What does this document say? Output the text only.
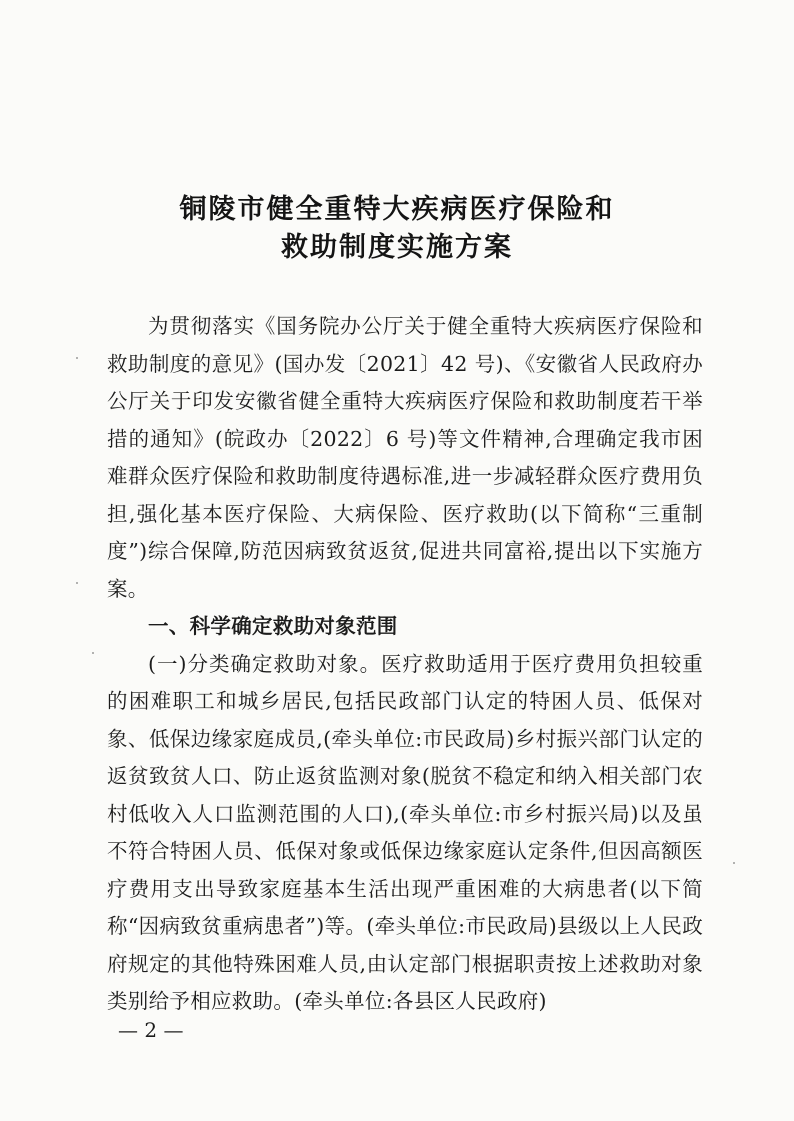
铜陵市健全重特大疾病医疗保险和
救助制度实施方案

为贯彻落实《国务院办公厅关于健全重特大疾病医疗保险和救助制度的意见》(国办发〔2021〕42 号)、《安徽省人民政府办公厅关于印发安徽省健全重特大疾病医疗保险和救助制度若干举措的通知》(皖政办〔2022〕6 号)等文件精神,合理确定我市困难群众医疗保险和救助制度待遇标准,进一步减轻群众医疗费用负担,强化基本医疗保险、大病保险、医疗救助(以下简称“三重制度”)综合保障,防范因病致贫返贫,促进共同富裕,提出以下实施方案。

一、科学确定救助对象范围

(一)分类确定救助对象。医疗救助适用于医疗费用负担较重的困难职工和城乡居民,包括民政部门认定的特困人员、低保对象、低保边缘家庭成员,(牵头单位:市民政局)乡村振兴部门认定的返贫致贫人口、防止返贫监测对象(脱贫不稳定和纳入相关部门农村低收入人口监测范围的人口),(牵头单位:市乡村振兴局)以及虽不符合特困人员、低保对象或低保边缘家庭认定条件,但因高额医疗费用支出导致家庭基本生活出现严重困难的大病患者(以下简称“因病致贫重病患者”)等。(牵头单位:市民政局)县级以上人民政府规定的其他特殊困难人员,由认定部门根据职责按上述救助对象类别给予相应救助。(牵头单位:各县区人民政府)

— 2 —
